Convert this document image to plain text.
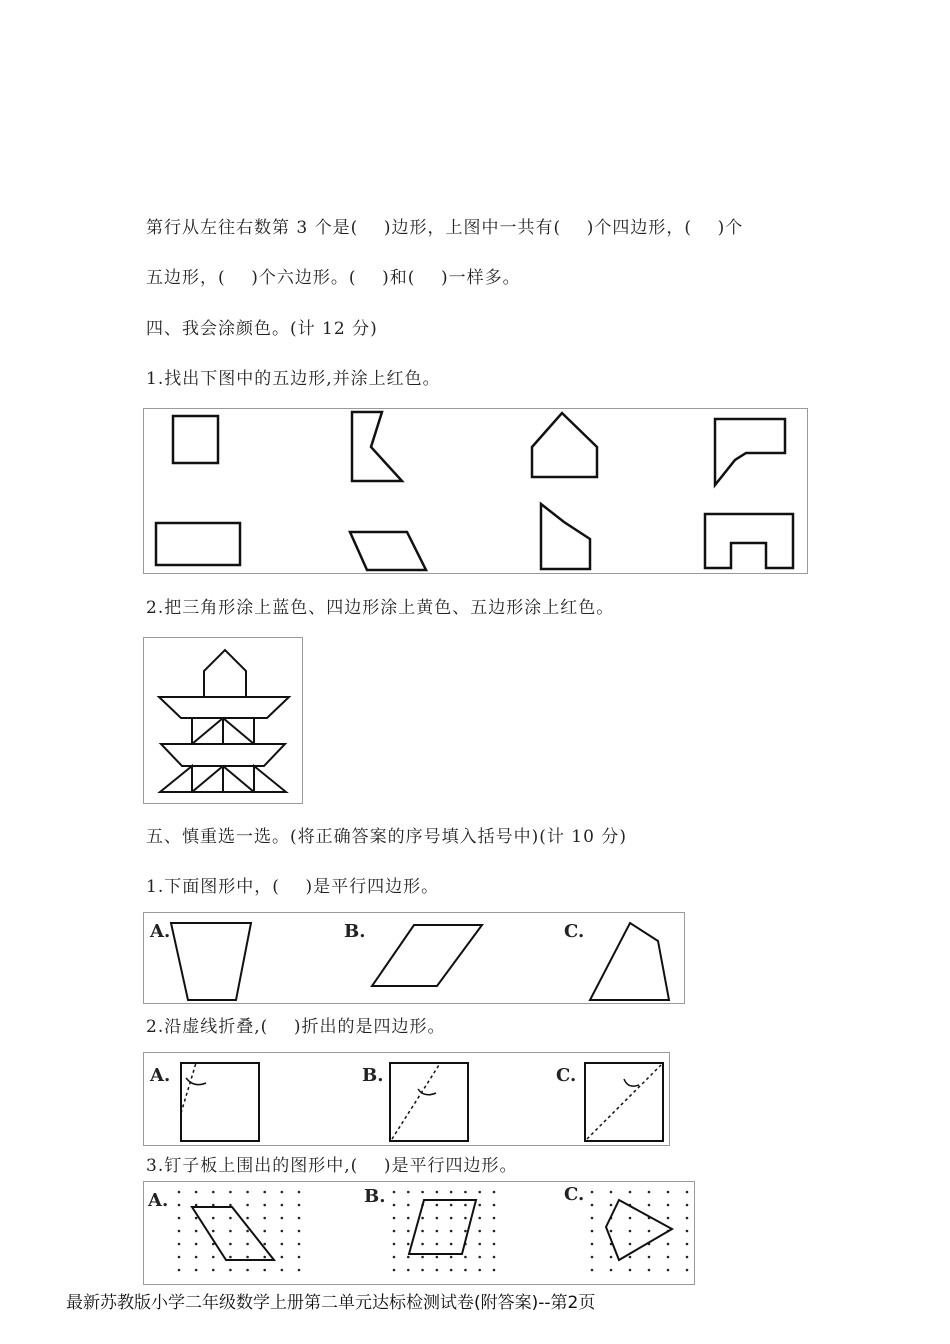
第行从左往右数第 3 个是(    )边形，上图中一共有(    )个四边形，(    )个
五边形，(    )个六边形。(    )和(    )一样多。
四、我会涂颜色。(计 12 分)
1.找出下图中的五边形,并涂上红色。
2.把三角形涂上蓝色、四边形涂上黄色、五边形涂上红色。
五、慎重选一选。(将正确答案的序号填入括号中)(计 10 分)
1.下面图形中，(    )是平行四边形。
A.	B.	C.
2.沿虚线折叠,(    )折出的是四边形。
A.	B.	C.
3.钉子板上围出的图形中,(    )是平行四边形。
A.	B.	C.
最新苏教版小学二年级数学上册第二单元达标检测试卷(附答案)--第2页
